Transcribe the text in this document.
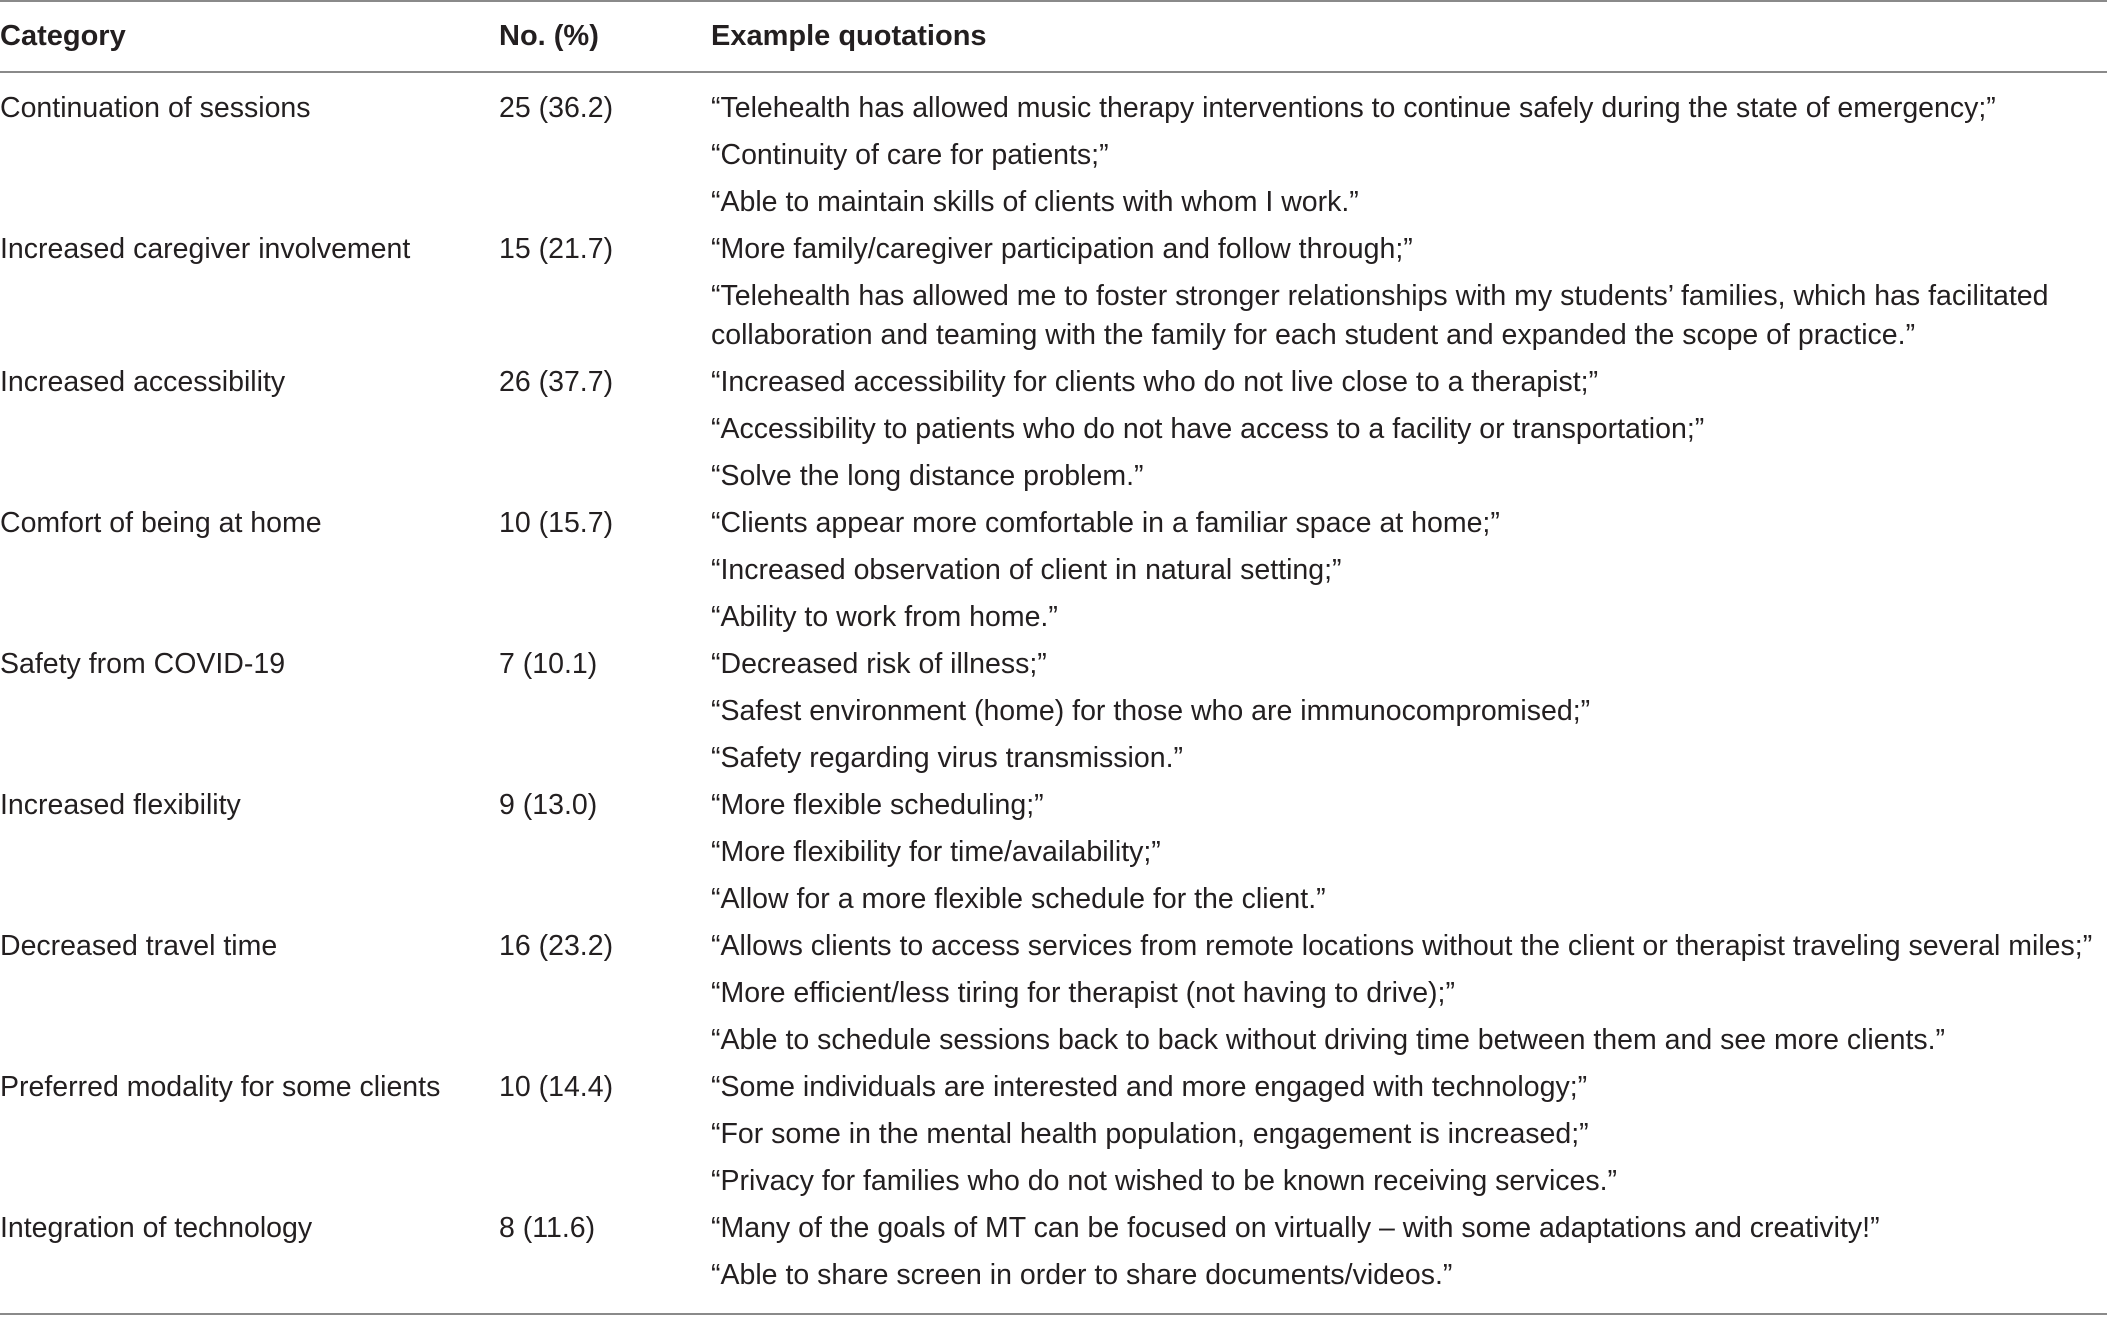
Category	No. (%)	Example quotations

Continuation of sessions	25 (36.2)	“Telehealth has allowed music therapy interventions to continue safely during the state of emergency;”
“Continuity of care for patients;”
“Able to maintain skills of clients with whom I work.”

Increased caregiver involvement	15 (21.7)	“More family/caregiver participation and follow through;”
“Telehealth has allowed me to foster stronger relationships with my students’ families, which has facilitated collaboration and teaming with the family for each student and expanded the scope of practice.”

Increased accessibility	26 (37.7)	“Increased accessibility for clients who do not live close to a therapist;”
“Accessibility to patients who do not have access to a facility or transportation;”
“Solve the long distance problem.”

Comfort of being at home	10 (15.7)	“Clients appear more comfortable in a familiar space at home;”
“Increased observation of client in natural setting;”
“Ability to work from home.”

Safety from COVID-19	7 (10.1)	“Decreased risk of illness;”
“Safest environment (home) for those who are immunocompromised;”
“Safety regarding virus transmission.”

Increased flexibility	9 (13.0)	“More flexible scheduling;”
“More flexibility for time/availability;”
“Allow for a more flexible schedule for the client.”

Decreased travel time	16 (23.2)	“Allows clients to access services from remote locations without the client or therapist traveling several miles;”
“More efficient/less tiring for therapist (not having to drive);”
“Able to schedule sessions back to back without driving time between them and see more clients.”

Preferred modality for some clients	10 (14.4)	“Some individuals are interested and more engaged with technology;”
“For some in the mental health population, engagement is increased;”
“Privacy for families who do not wished to be known receiving services.”

Integration of technology	8 (11.6)	“Many of the goals of MT can be focused on virtually – with some adaptations and creativity!”
“Able to share screen in order to share documents/videos.”
